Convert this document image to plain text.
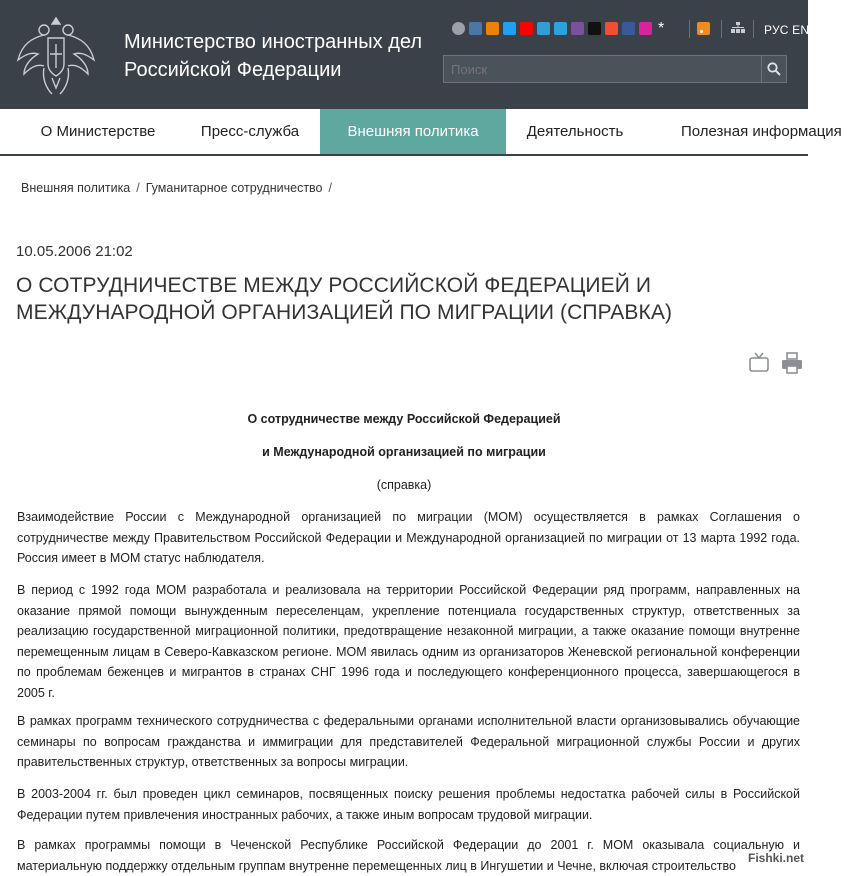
Министерство иностранных дел
Российской Федерации
*	РУС EN DE
Поиск
О Министерстве	Пресс-служба	Внешняя политика	Деятельность	Полезная информация
Внешняя политика / Гуманитарное сотрудничество /
10.05.2006 21:02
О СОТРУДНИЧЕСТВЕ МЕЖДУ РОССИЙСКОЙ ФЕДЕРАЦИЕЙ И МЕЖДУНАРОДНОЙ ОРГАНИЗАЦИЕЙ ПО МИГРАЦИИ (СПРАВКА)
О сотрудничестве между Российской Федерацией
и Международной организацией по миграции
(справка)

Взаимодействие России с Международной организацией по миграции (МОМ) осуществляется в рамках Соглашения о сотрудничестве между Правительством Российской Федерации и Международной организацией по миграции от 13 марта 1992 года. Россия имеет в МОМ статус наблюдателя.

В период с 1992 года МОМ разработала и реализовала на территории Российской Федерации ряд программ, направленных на оказание прямой помощи вынужденным переселенцам, укрепление потенциала государственных структур, ответственных за реализацию государственной миграционной политики, предотвращение незаконной миграции, а также оказание помощи внутренне перемещенным лицам в Северо-Кавказском регионе. МОМ явилась одним из организаторов Женевской региональной конференции по проблемам беженцев и мигрантов в странах СНГ 1996 года и последующего конференционного процесса, завершающегося в 2005 г.

В рамках программ технического сотрудничества с федеральными органами исполнительной власти организовывались обучающие семинары по вопросам гражданства и иммиграции для представителей Федеральной миграционной службы России и других правительственных структур, ответственных за вопросы миграции.

В 2003-2004 гг. был проведен цикл семинаров, посвященных поиску решения проблемы недостатка рабочей силы в Российской Федерации путем привлечения иностранных рабочих, а также иным вопросам трудовой миграции.

В рамках программы помощи в Чеченской Республике Российской Федерации до 2001 г. МОМ оказывала социальную и материальную поддержку отдельным группам внутренне перемещенных лиц в Ингушетии и Чечне, включая строительство

Fishki.net
